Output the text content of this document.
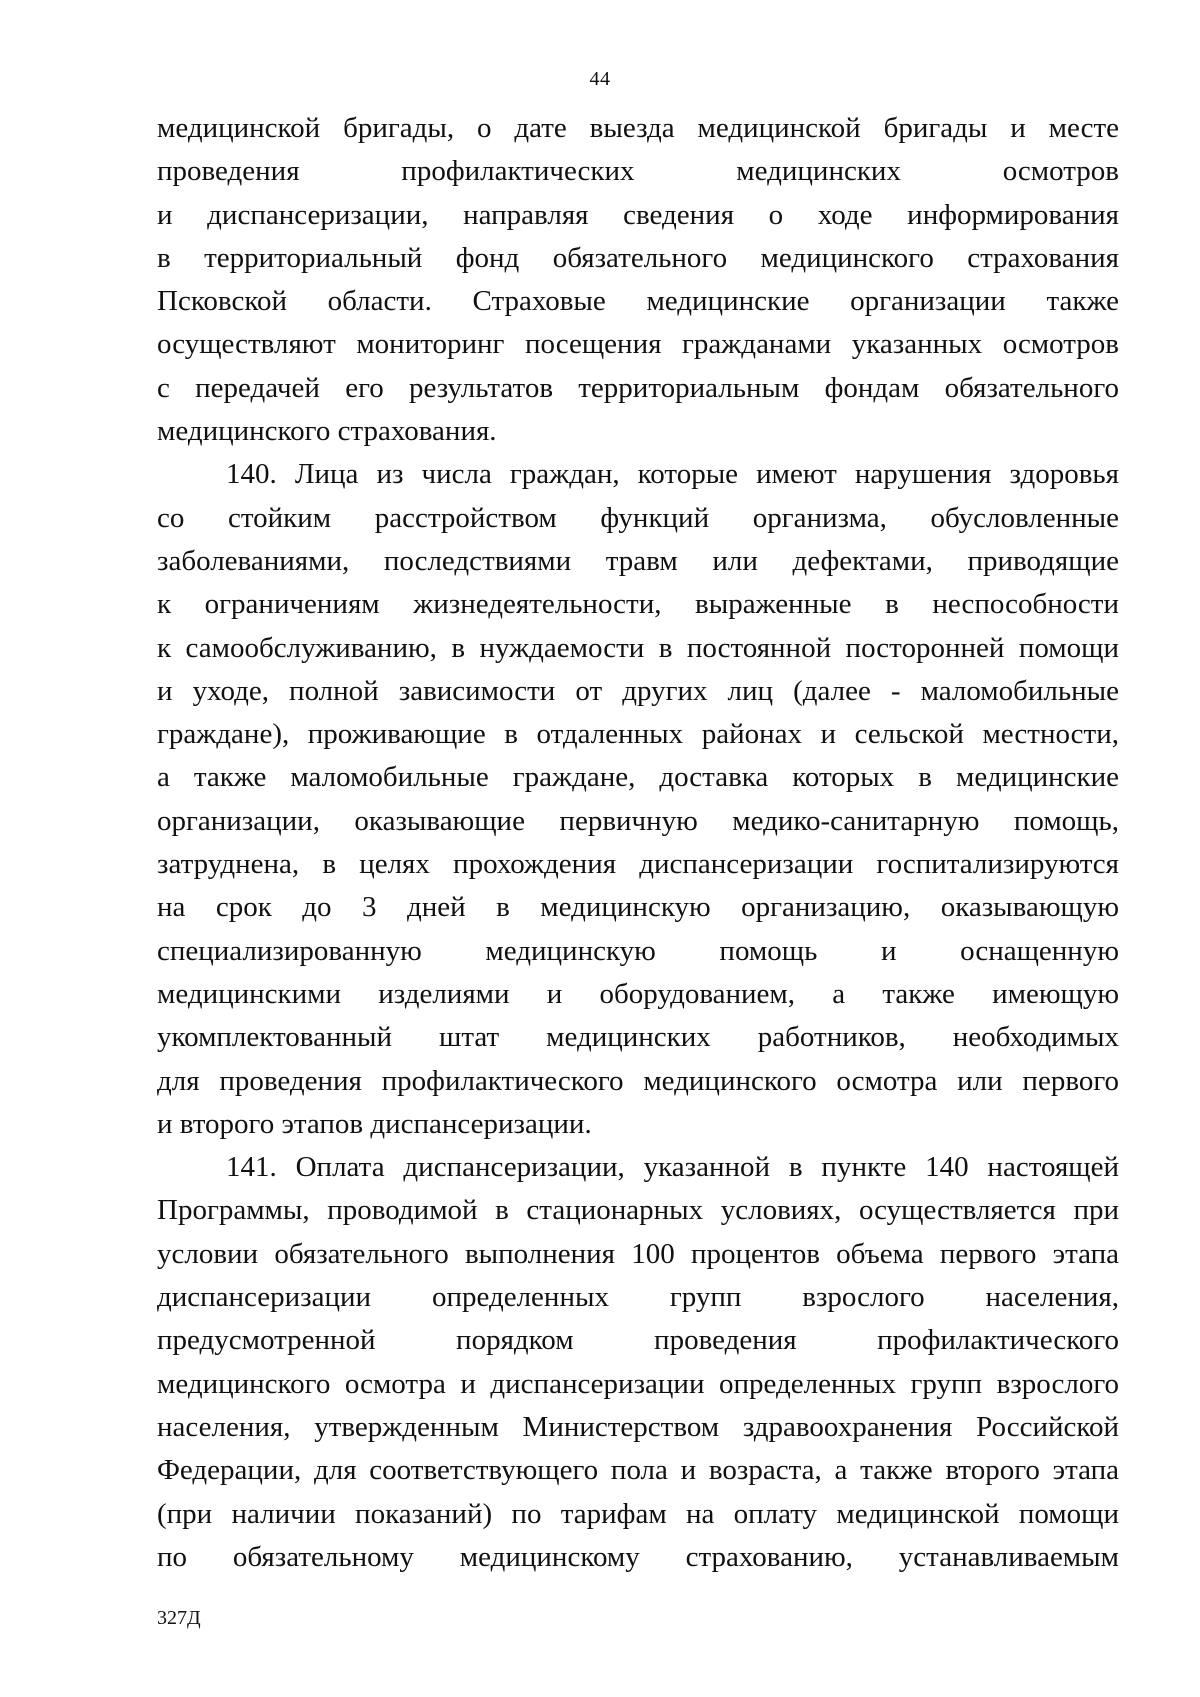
44
медицинской бригады, о дате выезда медицинской бригады и месте
проведения профилактических медицинских осмотров
и диспансеризации, направляя сведения о ходе информирования
в территориальный фонд обязательного медицинского страхования
Псковской области. Страховые медицинские организации также
осуществляют мониторинг посещения гражданами указанных осмотров
с передачей его результатов территориальным фондам обязательного
медицинского страхования.
140. Лица из числа граждан, которые имеют нарушения здоровья
со стойким расстройством функций организма, обусловленные
заболеваниями, последствиями травм или дефектами, приводящие
к ограничениям жизнедеятельности, выраженные в неспособности
к самообслуживанию, в нуждаемости в постоянной посторонней помощи
и уходе, полной зависимости от других лиц (далее - маломобильные
граждане), проживающие в отдаленных районах и сельской местности,
а также маломобильные граждане, доставка которых в медицинские
организации, оказывающие первичную медико-санитарную помощь,
затруднена, в целях прохождения диспансеризации госпитализируются
на срок до 3 дней в медицинскую организацию, оказывающую
специализированную медицинскую помощь и оснащенную
медицинскими изделиями и оборудованием, а также имеющую
укомплектованный штат медицинских работников, необходимых
для проведения профилактического медицинского осмотра или первого
и второго этапов диспансеризации.
141. Оплата диспансеризации, указанной в пункте 140 настоящей
Программы, проводимой в стационарных условиях, осуществляется при
условии обязательного выполнения 100 процентов объема первого этапа
диспансеризации определенных групп взрослого населения,
предусмотренной порядком проведения профилактического
медицинского осмотра и диспансеризации определенных групп взрослого
населения, утвержденным Министерством здравоохранения Российской
Федерации, для соответствующего пола и возраста, а также второго этапа
(при наличии показаний) по тарифам на оплату медицинской помощи
по обязательному медицинскому страхованию, устанавливаемым
327Д
